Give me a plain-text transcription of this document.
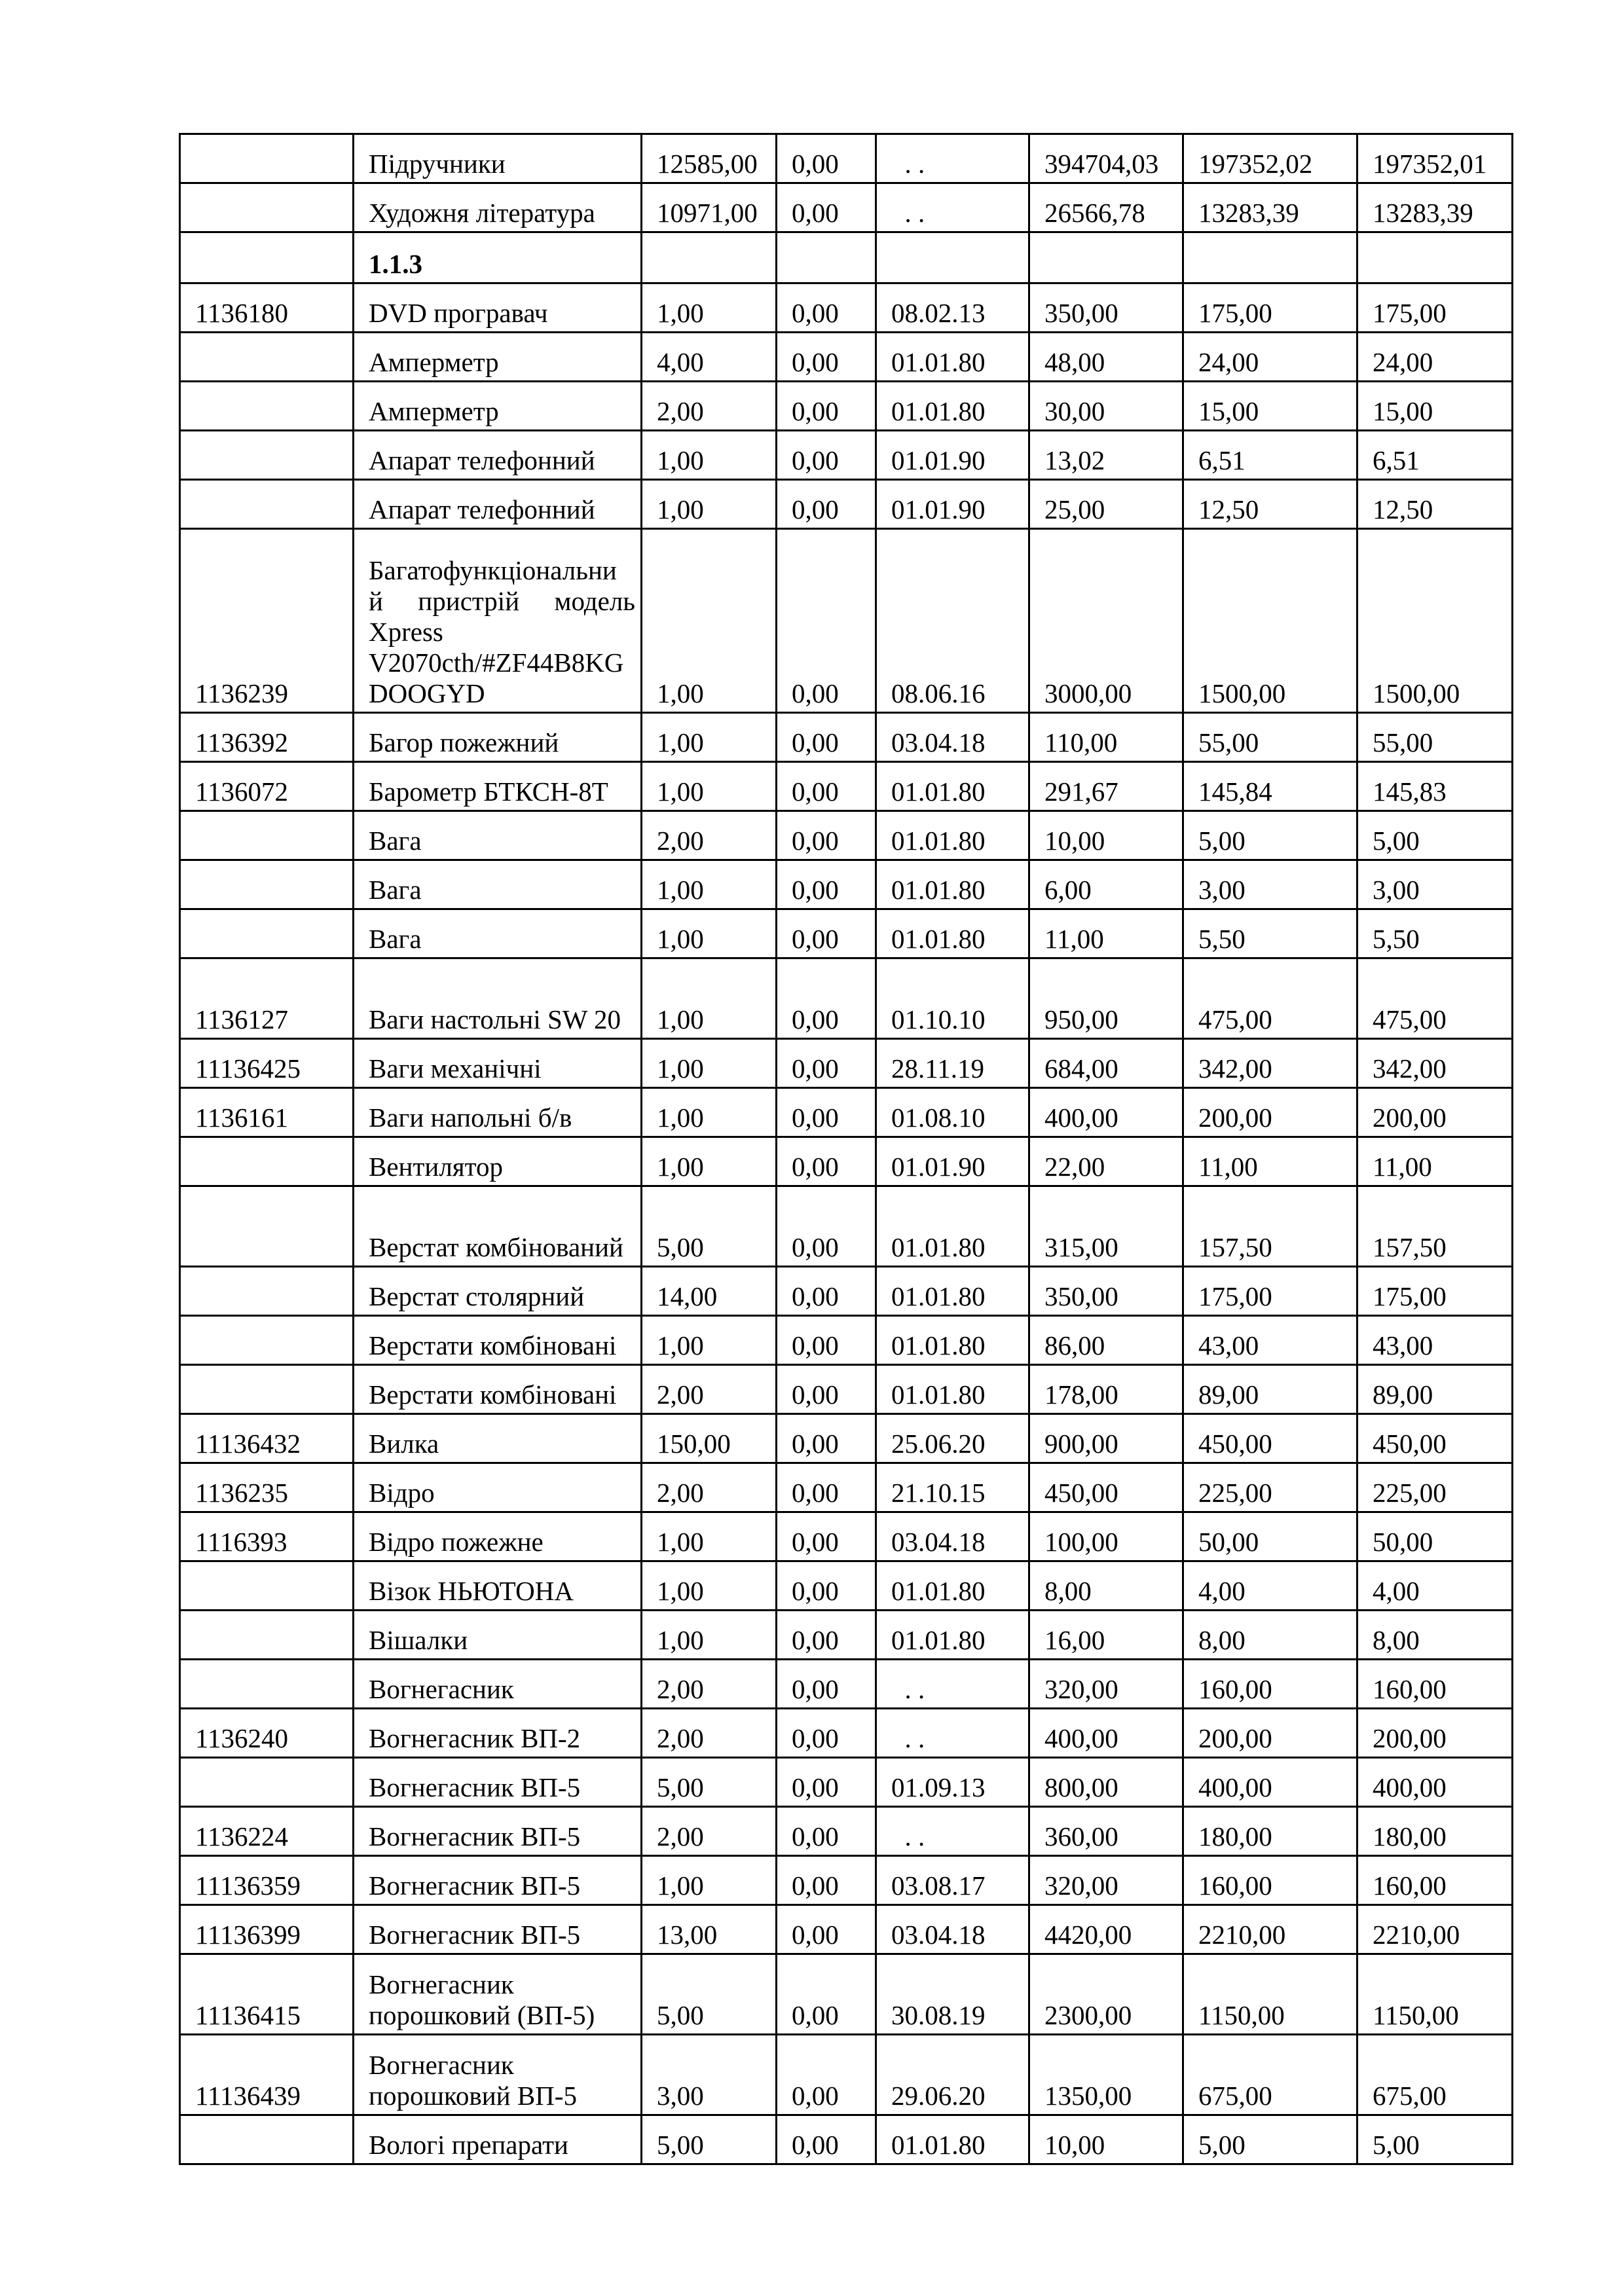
	Підручники	12585,00	0,00	. .	394704,03	197352,02	197352,01
	Художня література	10971,00	0,00	. .	26566,78	13283,39	13283,39
	1.1.3						
1136180	DVD програвач	1,00	0,00	08.02.13	350,00	175,00	175,00
	Амперметр	4,00	0,00	01.01.80	48,00	24,00	24,00
	Амперметр	2,00	0,00	01.01.80	30,00	15,00	15,00
	Апарат телефонний	1,00	0,00	01.01.90	13,02	6,51	6,51
	Апарат телефонний	1,00	0,00	01.01.90	25,00	12,50	12,50
1136239	Багатофункціональни й пристрій модель Xpress V2070cth/#ZF44B8KG DOOGYD	1,00	0,00	08.06.16	3000,00	1500,00	1500,00
1136392	Багор пожежний	1,00	0,00	03.04.18	110,00	55,00	55,00
1136072	Барометр БТКСН-8Т	1,00	0,00	01.01.80	291,67	145,84	145,83
	Вага	2,00	0,00	01.01.80	10,00	5,00	5,00
	Вага	1,00	0,00	01.01.80	6,00	3,00	3,00
	Вага	1,00	0,00	01.01.80	11,00	5,50	5,50
1136127	Ваги настольні SW 20	1,00	0,00	01.10.10	950,00	475,00	475,00
11136425	Ваги механічні	1,00	0,00	28.11.19	684,00	342,00	342,00
1136161	Ваги напольні б/в	1,00	0,00	01.08.10	400,00	200,00	200,00
	Вентилятор	1,00	0,00	01.01.90	22,00	11,00	11,00
	Верстат комбінований	5,00	0,00	01.01.80	315,00	157,50	157,50
	Верстат столярний	14,00	0,00	01.01.80	350,00	175,00	175,00
	Верстати комбіновані	1,00	0,00	01.01.80	86,00	43,00	43,00
	Верстати комбіновані	2,00	0,00	01.01.80	178,00	89,00	89,00
11136432	Вилка	150,00	0,00	25.06.20	900,00	450,00	450,00
1136235	Відро	2,00	0,00	21.10.15	450,00	225,00	225,00
1116393	Відро пожежне	1,00	0,00	03.04.18	100,00	50,00	50,00
	Візок НЬЮТОНА	1,00	0,00	01.01.80	8,00	4,00	4,00
	Вішалки	1,00	0,00	01.01.80	16,00	8,00	8,00
	Вогнегасник	2,00	0,00	. .	320,00	160,00	160,00
1136240	Вогнегасник ВП-2	2,00	0,00	. .	400,00	200,00	200,00
	Вогнегасник ВП-5	5,00	0,00	01.09.13	800,00	400,00	400,00
1136224	Вогнегасник ВП-5	2,00	0,00	. .	360,00	180,00	180,00
11136359	Вогнегасник ВП-5	1,00	0,00	03.08.17	320,00	160,00	160,00
11136399	Вогнегасник ВП-5	13,00	0,00	03.04.18	4420,00	2210,00	2210,00
11136415	Вогнегасник порошковий (ВП-5)	5,00	0,00	30.08.19	2300,00	1150,00	1150,00
11136439	Вогнегасник порошковий ВП-5	3,00	0,00	29.06.20	1350,00	675,00	675,00
	Вологі препарати	5,00	0,00	01.01.80	10,00	5,00	5,00
